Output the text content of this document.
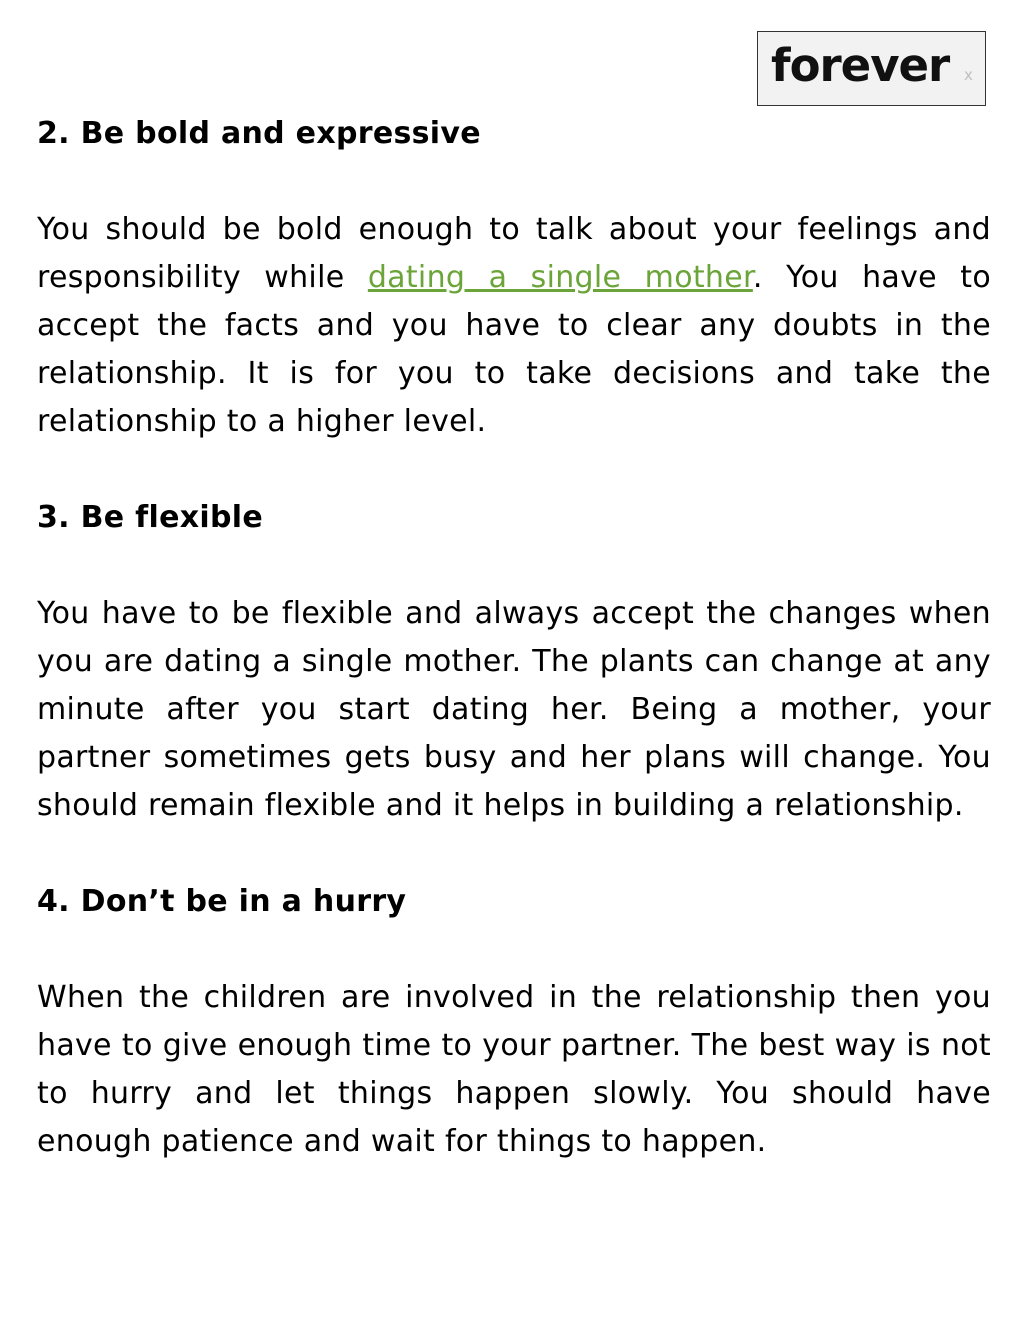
forever x
2. Be bold and expressive

You should be bold enough to talk about your feelings and responsibility while dating a single mother. You have to accept the facts and you have to clear any doubts in the relationship. It is for you to take decisions and take the relationship to a higher level.

3. Be flexible

You have to be flexible and always accept the changes when you are dating a single mother. The plants can change at any minute after you start dating her. Being a mother, your partner sometimes gets busy and her plans will change. You should remain flexible and it helps in building a relationship.

4. Don’t be in a hurry

When the children are involved in the relationship then you have to give enough time to your partner. The best way is not to hurry and let things happen slowly. You should have enough patience and wait for things to happen.
